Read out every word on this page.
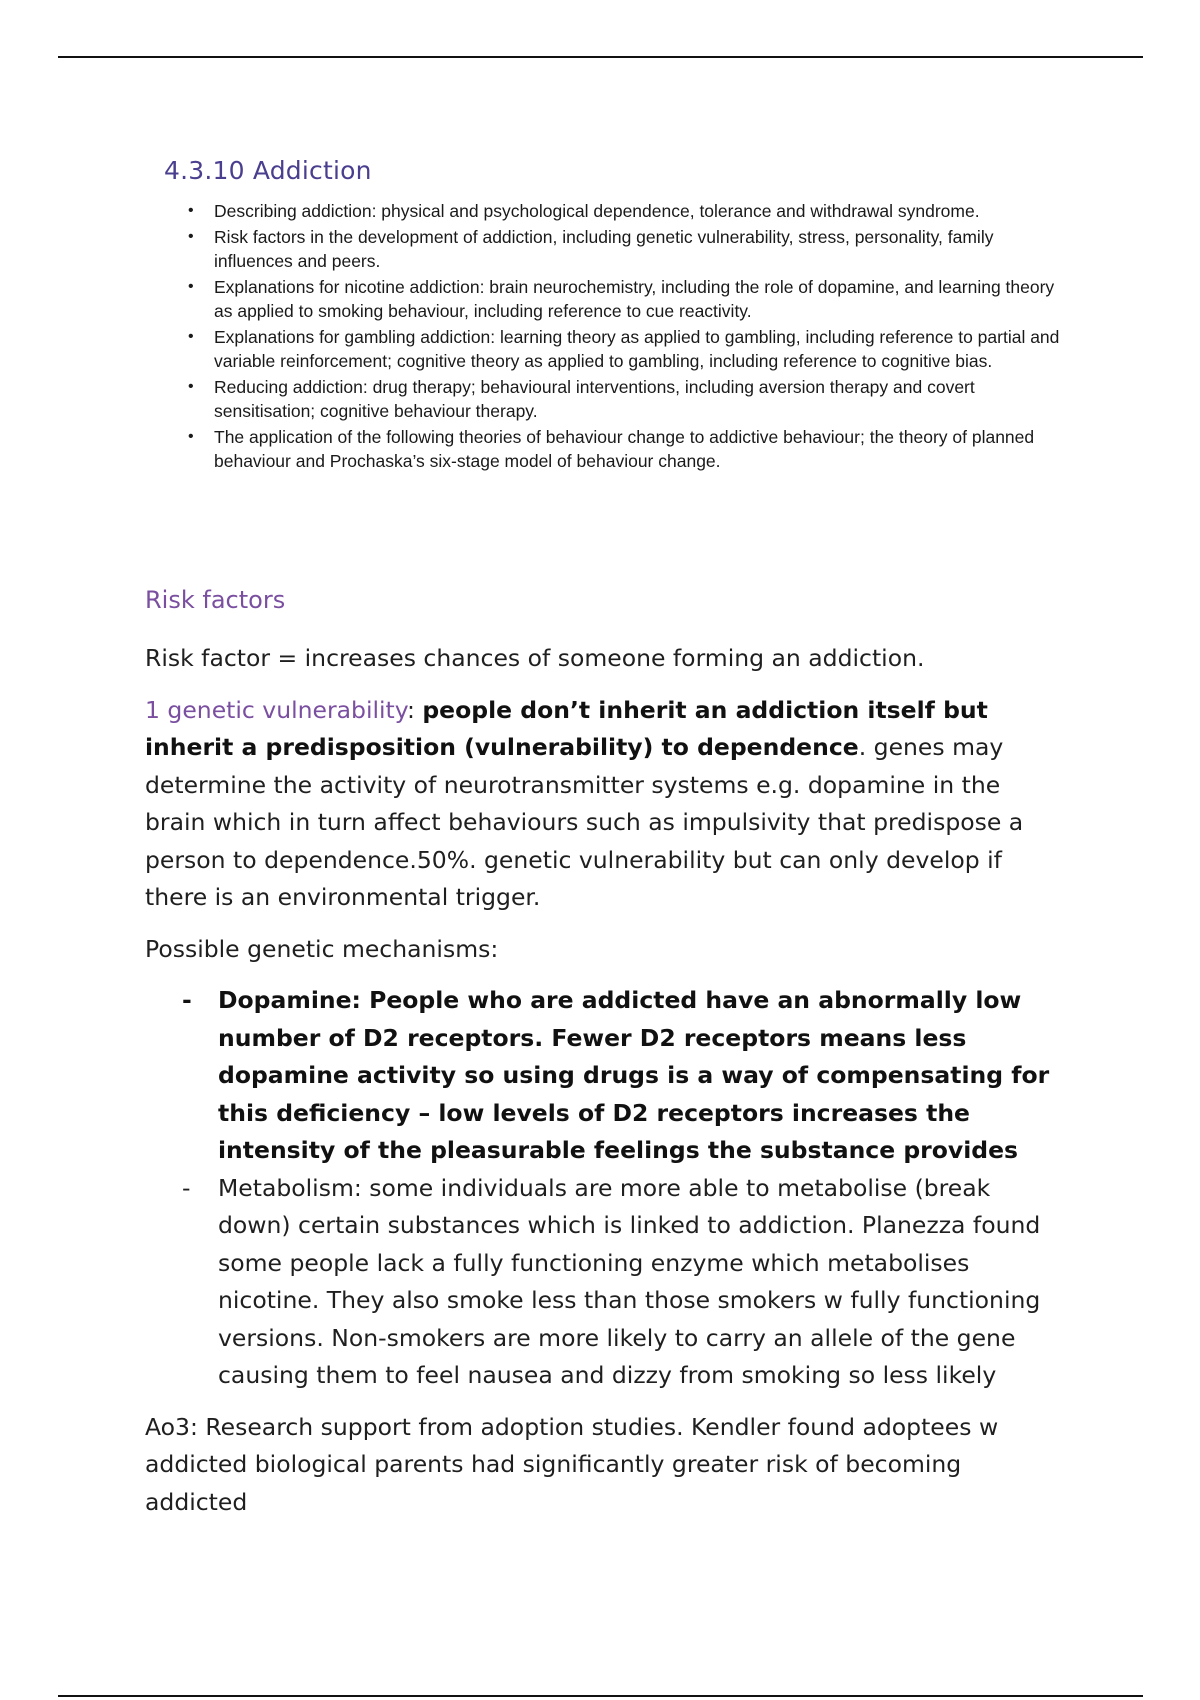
4.3.10 Addiction
• Describing addiction: physical and psychological dependence, tolerance and withdrawal syndrome.
• Risk factors in the development of addiction, including genetic vulnerability, stress, personality, family influences and peers.
• Explanations for nicotine addiction: brain neurochemistry, including the role of dopamine, and learning theory as applied to smoking behaviour, including reference to cue reactivity.
• Explanations for gambling addiction: learning theory as applied to gambling, including reference to partial and variable reinforcement; cognitive theory as applied to gambling, including reference to cognitive bias.
• Reducing addiction: drug therapy; behavioural interventions, including aversion therapy and covert sensitisation; cognitive behaviour therapy.
• The application of the following theories of behaviour change to addictive behaviour; the theory of planned behaviour and Prochaska’s six-stage model of behaviour change.
Risk factors

Risk factor = increases chances of someone forming an addiction.

1 genetic vulnerability: people don’t inherit an addiction itself but inherit a predisposition (vulnerability) to dependence. genes may determine the activity of neurotransmitter systems e.g. dopamine in the brain which in turn affect behaviours such as impulsivity that predispose a person to dependence.50%. genetic vulnerability but can only develop if there is an environmental trigger.

Possible genetic mechanisms:

- Dopamine: People who are addicted have an abnormally low number of D2 receptors. Fewer D2 receptors means less dopamine activity so using drugs is a way of compensating for this deficiency – low levels of D2 receptors increases the intensity of the pleasurable feelings the substance provides
- Metabolism: some individuals are more able to metabolise (break down) certain substances which is linked to addiction. Planezza found some people lack a fully functioning enzyme which metabolises nicotine. They also smoke less than those smokers w fully functioning versions. Non-smokers are more likely to carry an allele of the gene causing them to feel nausea and dizzy from smoking so less likely

Ao3: Research support from adoption studies. Kendler found adoptees w addicted biological parents had significantly greater risk of becoming addicted
